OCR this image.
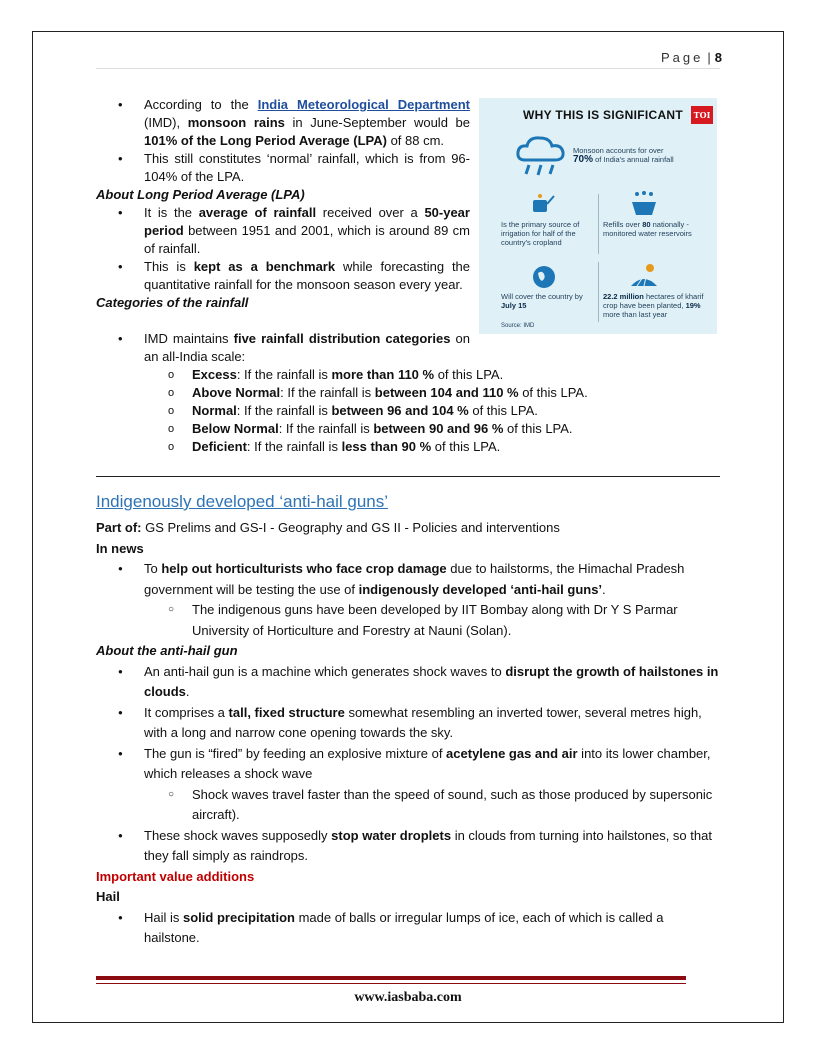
Page | 8
• According to the India Meteorological Department (IMD), monsoon rains in June-September would be 101% of the Long Period Average (LPA) of 88 cm.
• This still constitutes ‘normal’ rainfall, which is from 96-104% of the LPA.
About Long Period Average (LPA)
• It is the average of rainfall received over a 50-year period between 1951 and 2001, which is around 89 cm of rainfall.
• This is kept as a benchmark while forecasting the quantitative rainfall for the monsoon season every year.
Categories of the rainfall
• IMD maintains five rainfall distribution categories on an all-India scale:
o Excess: If the rainfall is more than 110 % of this LPA.
o Above Normal: If the rainfall is between 104 and 110 % of this LPA.
o Normal: If the rainfall is between 96 and 104 % of this LPA.
o Below Normal: If the rainfall is between 90 and 96 % of this LPA.
o Deficient: If the rainfall is less than 90 % of this LPA.
WHY THIS IS SIGNIFICANT	TOI
Monsoon accounts for over
70% of India's annual rainfall
Is the primary source of irrigation for half of the country's cropland
Refills over 80 nationally -monitored water reservoirs
Will cover the country by July 15
22.2 million hectares of kharif crop have been planted, 19% more than last year
Source: IMD
Indigenously developed ‘anti-hail guns’
Part of: GS Prelims and GS-I - Geography and GS II - Policies and interventions
In news
● To help out horticulturists who face crop damage due to hailstorms, the Himachal Pradesh government will be testing the use of indigenously developed ‘anti-hail guns’.
○ The indigenous guns have been developed by IIT Bombay along with Dr Y S Parmar University of Horticulture and Forestry at Nauni (Solan).
About the anti-hail gun
● An anti-hail gun is a machine which generates shock waves to disrupt the growth of hailstones in clouds.
● It comprises a tall, fixed structure somewhat resembling an inverted tower, several metres high, with a long and narrow cone opening towards the sky.
● The gun is “fired” by feeding an explosive mixture of acetylene gas and air into its lower chamber, which releases a shock wave
○ Shock waves travel faster than the speed of sound, such as those produced by supersonic aircraft).
● These shock waves supposedly stop water droplets in clouds from turning into hailstones, so that they fall simply as raindrops.
Important value additions
Hail
● Hail is solid precipitation made of balls or irregular lumps of ice, each of which is called a hailstone.
www.iasbaba.com
